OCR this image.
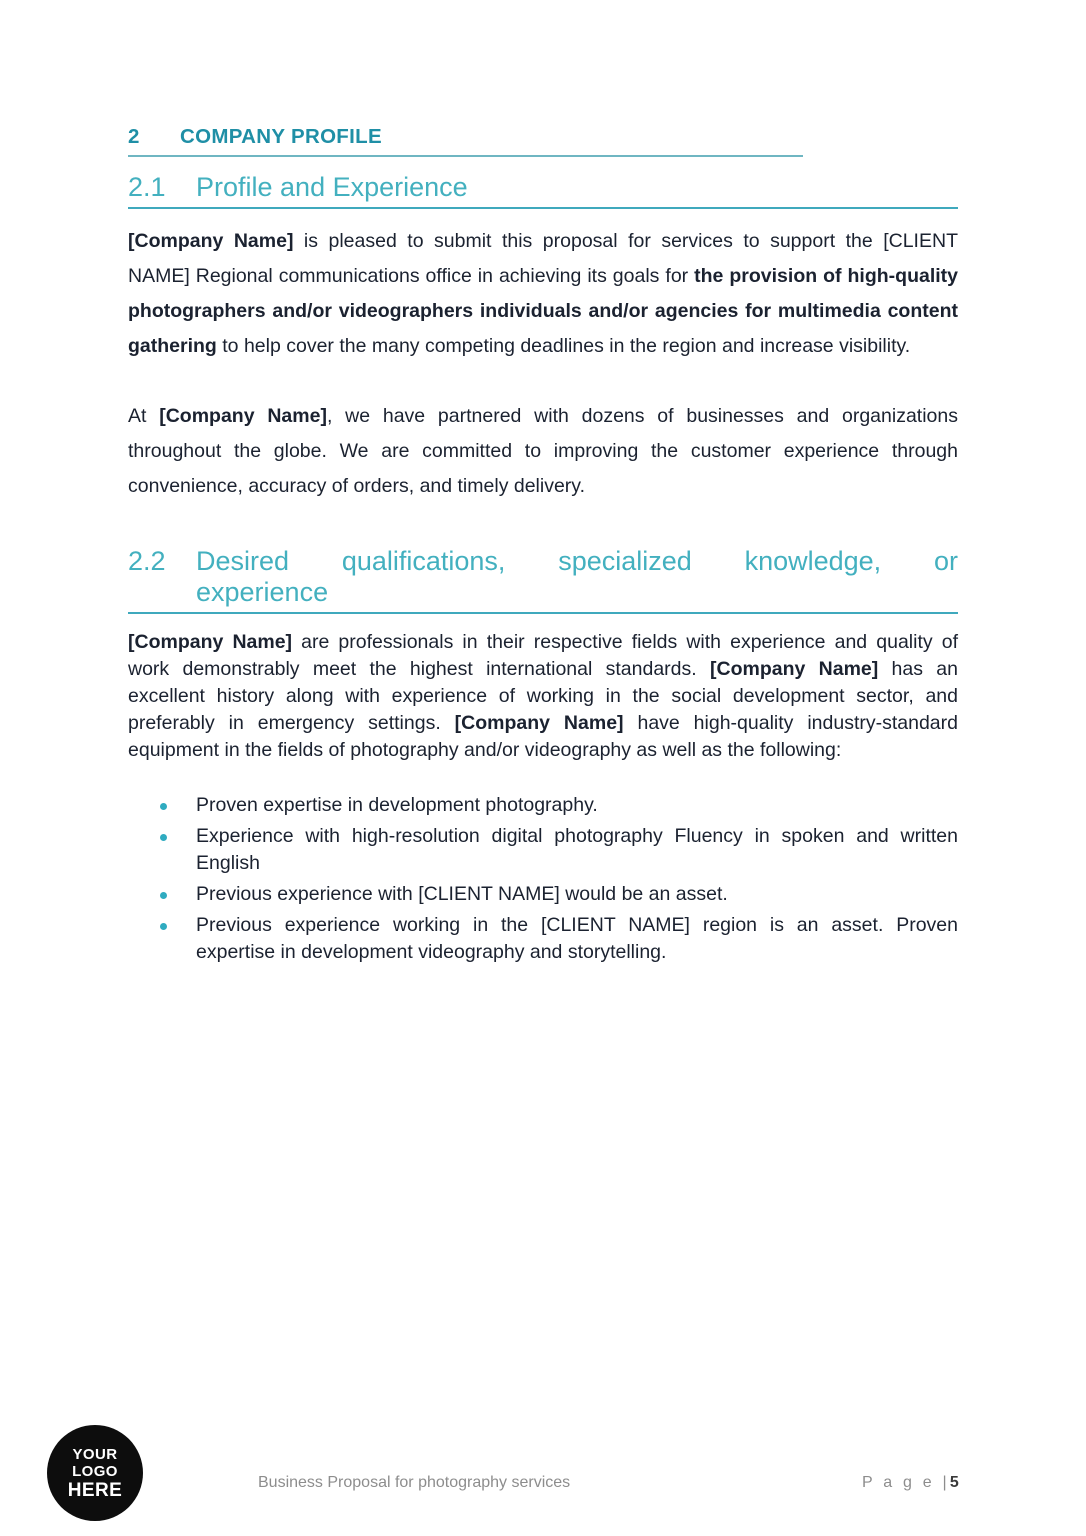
2 COMPANY PROFILE
2.1	Profile and Experience

[Company Name] is pleased to submit this proposal for services to support the [CLIENT NAME] Regional communications office in achieving its goals for the provision of high-quality photographers and/or videographers individuals and/or agencies for multimedia content gathering to help cover the many competing deadlines in the region and increase visibility.

At [Company Name], we have partnered with dozens of businesses and organizations throughout the globe. We are committed to improving the customer experience through convenience, accuracy of orders, and timely delivery.

2.2	Desired qualifications, specialized knowledge, or
experience

[Company Name] are professionals in their respective fields with experience and quality of work demonstrably meet the highest international standards. [Company Name] has an excellent history along with experience of working in the social development sector, and preferably in emergency settings. [Company Name] have high-quality industry-standard equipment in the fields of photography and/or videography as well as the following:

Proven expertise in development photography.
Experience with high-resolution digital photography Fluency in spoken and written English
Previous experience with [CLIENT NAME] would be an asset.
Previous experience working in the [CLIENT NAME] region is an asset. Proven expertise in development videography and storytelling.
YOUR
LOGO
HERE	Business Proposal for photography services	P a g e |5
